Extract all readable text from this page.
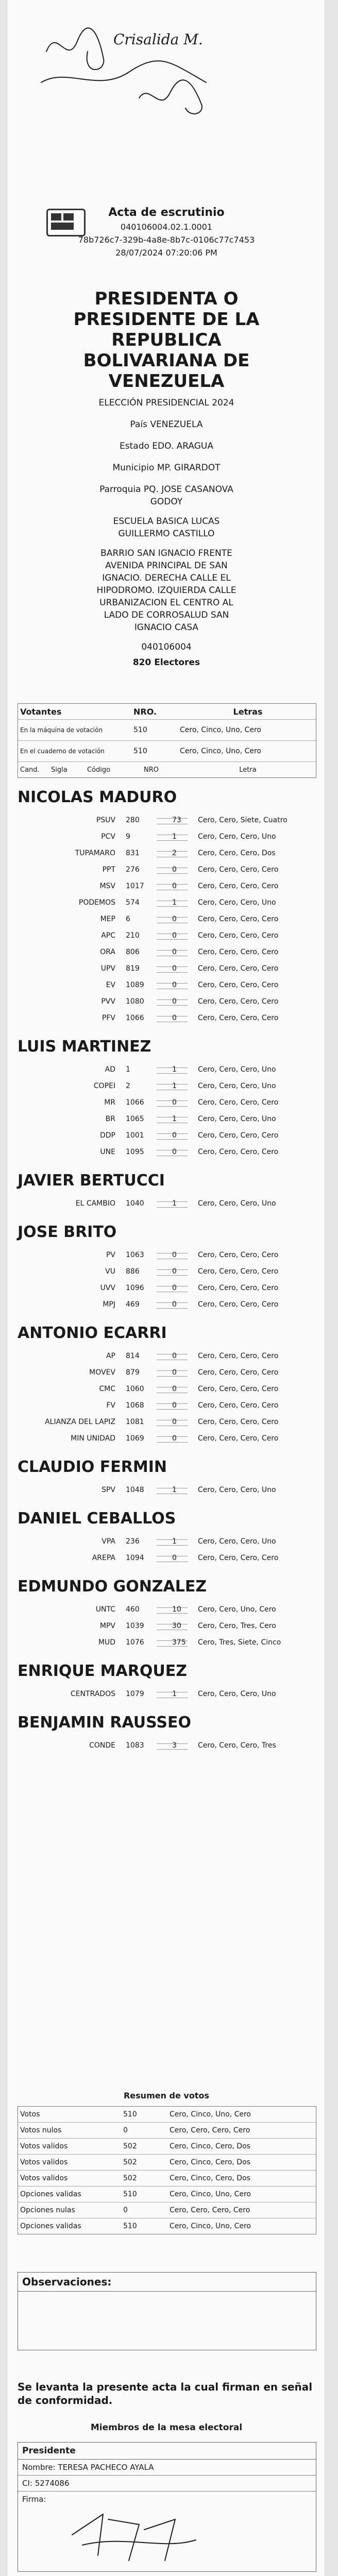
Crisalida M.
Acta de escrutinio
040106004.02.1.0001
78b726c7-329b-4a8e-8b7c-0106c77c7453
28/07/2024 07:20:06 PM
PRESIDENTA O
PRESIDENTE DE LA
REPUBLICA
BOLIVARIANA DE
VENEZUELA
ELECCIÓN PRESIDENCIAL 2024
País VENEZUELA
Estado EDO. ARAGUA
Municipio MP. GIRARDOT
Parroquia PQ. JOSE CASANOVA
GODOY
ESCUELA BASICA LUCAS
GUILLERMO CASTILLO
BARRIO SAN IGNACIO FRENTE
AVENIDA PRINCIPAL DE SAN
IGNACIO. DERECHA CALLE EL
HIPODROMO. IZQUIERDA CALLE
URBANIZACION EL CENTRO AL
LADO DE CORROSALUD SAN
IGNACIO CASA
040106004
820 Electores
Votantes	NRO.	Letras
En la máquina de votación	510	Cero, Cinco, Uno, Cero
En el cuaderno de votación	510	Cero, Cinco, Uno, Cero
Cand.	Sigla	Código	NRO	Letra
NICOLAS MADURO
PSUV 280	73 Cero, Cero, Siete, Cuatro
PCV 9	1	Cero, Cero, Cero, Uno
TUPAMARO 831	2	Cero, Cero, Cero, Dos
PPT 276	0	Cero, Cero, Cero, Cero
MSV 1017	0	Cero, Cero, Cero, Cero
PODEMOS 574	1	Cero, Cero, Cero, Uno
MEP 6	0	Cero, Cero, Cero, Cero
APC 210	0	Cero, Cero, Cero, Cero
ORA 806	0	Cero, Cero, Cero, Cero
UPV 819	0	Cero, Cero, Cero, Cero
EV 1089	0	Cero, Cero, Cero, Cero
PVV 1080	0	Cero, Cero, Cero, Cero
PFV 1066	0	Cero, Cero, Cero, Cero
LUIS MARTINEZ
AD 1	1	Cero, Cero, Cero, Uno
COPEI 2	1	Cero, Cero, Cero, Uno
MR 1066	0	Cero, Cero, Cero, Cero
BR 1065	1	Cero, Cero, Cero, Uno
DDP 1001	0	Cero, Cero, Cero, Cero
UNE 1095	0	Cero, Cero, Cero, Cero
JAVIER BERTUCCI
EL CAMBIO 1040	1	Cero, Cero, Cero, Uno
JOSE BRITO
PV 1063	0	Cero, Cero, Cero, Cero
VU 886	0	Cero, Cero, Cero, Cero
UVV 1096	0	Cero, Cero, Cero, Cero
MPJ 469	0	Cero, Cero, Cero, Cero
ANTONIO ECARRI
AP 814	0	Cero, Cero, Cero, Cero
MOVEV 879	0	Cero, Cero, Cero, Cero
CMC 1060	0	Cero, Cero, Cero, Cero
FV 1068	0	Cero, Cero, Cero, Cero
ALIANZA DEL LAPIZ 1081	0	Cero, Cero, Cero, Cero
MIN UNIDAD 1069	0	Cero, Cero, Cero, Cero
CLAUDIO FERMIN
SPV 1048	1	Cero, Cero, Cero, Uno
DANIEL CEBALLOS
VPA 236	1	Cero, Cero, Cero, Uno
AREPA 1094	0	Cero, Cero, Cero, Cero
EDMUNDO GONZALEZ
UNTC 460	10 Cero, Cero, Uno, Cero
MPV 1039	30 Cero, Cero, Tres, Cero
MUD 1076	375 Cero, Tres, Siete, Cinco
ENRIQUE MARQUEZ
CENTRADOS 1079	1	Cero, Cero, Cero, Uno
BENJAMIN RAUSSEO
CONDE 1083	3	Cero, Cero, Cero, Tres
Resumen de votos
Votos	510	Cero, Cinco, Uno, Cero
Votos nulos	0	Cero, Cero, Cero, Cero
Votos validos	502	Cero, Cinco, Cero, Dos
Votos validos	502	Cero, Cinco, Cero, Dos
Votos validos	502	Cero, Cinco, Cero, Dos
Opciones validas	510	Cero, Cinco, Uno, Cero
Opciones nulas	0	Cero, Cero, Cero, Cero
Opciones validas	510	Cero, Cinco, Uno, Cero
Observaciones:
Se levanta la presente acta la cual firman en señal de conformidad.
Miembros de la mesa electoral
Presidente
Nombre: TERESA PACHECO AYALA
CI: 5274086
Firma:
